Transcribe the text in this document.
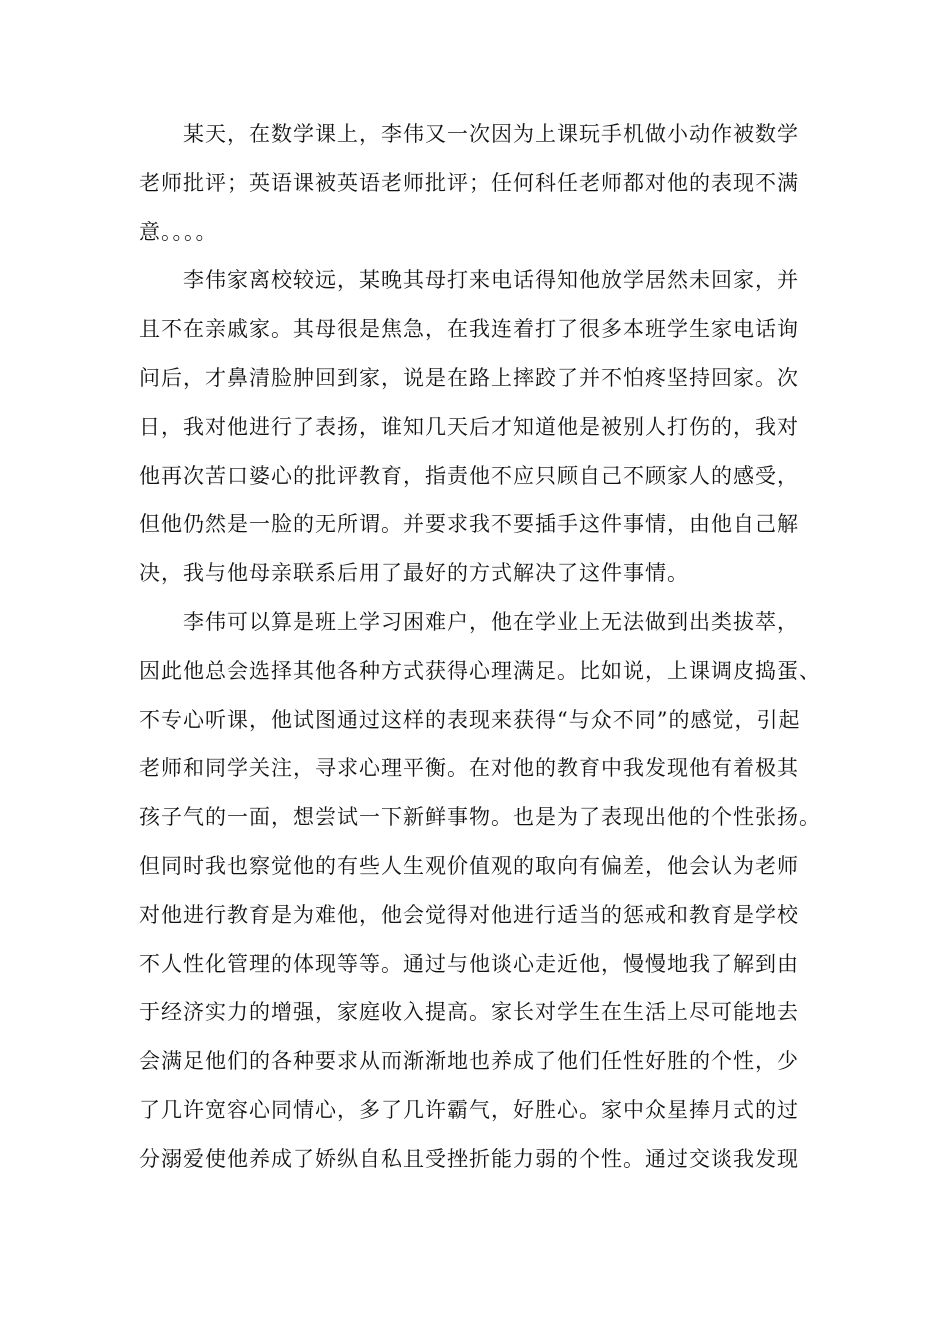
某天，在数学课上，李伟又一次因为上课玩手机做小动作被数学
老师批评；英语课被英语老师批评；任何科任老师都对他的表现不满
意。。。。
李伟家离校较远，某晚其母打来电话得知他放学居然未回家，并
且不在亲戚家。其母很是焦急，在我连着打了很多本班学生家电话询
问后，才鼻清脸肿回到家，说是在路上摔跤了并不怕疼坚持回家。次
日，我对他进行了表扬，谁知几天后才知道他是被别人打伤的，我对
他再次苦口婆心的批评教育，指责他不应只顾自己不顾家人的感受，
但他仍然是一脸的无所谓。并要求我不要插手这件事情，由他自己解
决，我与他母亲联系后用了最好的方式解决了这件事情。
李伟可以算是班上学习困难户，他在学业上无法做到出类拔萃，
因此他总会选择其他各种方式获得心理满足。比如说，上课调皮捣蛋、
不专心听课，他试图通过这样的表现来获得“与众不同”的感觉，引起
老师和同学关注，寻求心理平衡。在对他的教育中我发现他有着极其
孩子气的一面，想尝试一下新鲜事物。也是为了表现出他的个性张扬。
但同时我也察觉他的有些人生观价值观的取向有偏差，他会认为老师
对他进行教育是为难他，他会觉得对他进行适当的惩戒和教育是学校
不人性化管理的体现等等。通过与他谈心走近他，慢慢地我了解到由
于经济实力的增强，家庭收入提高。家长对学生在生活上尽可能地去
会满足他们的各种要求从而渐渐地也养成了他们任性好胜的个性，少
了几许宽容心同情心，多了几许霸气，好胜心。家中众星捧月式的过
分溺爱使他养成了娇纵自私且受挫折能力弱的个性。通过交谈我发现
